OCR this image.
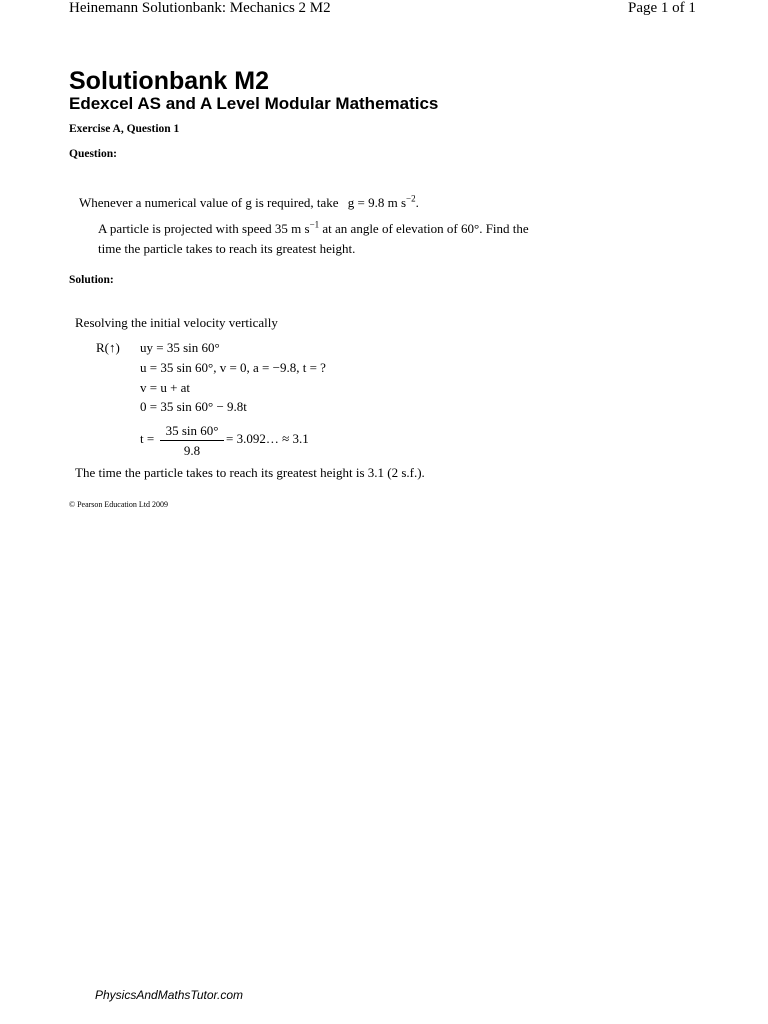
Heinemann Solutionbank: Mechanics 2 M2	Page 1 of 1
Solutionbank M2
Edexcel AS and A Level Modular Mathematics
Exercise A, Question 1
Question:
Whenever a numerical value of g is required, take g = 9.8 m $s^{-2}$.
A particle is projected with speed 35 m $s^{-1}$ at an angle of elevation of 60°. Find the
time the particle takes to reach its greatest height.
Solution:
Resolving the initial velocity vertically
R(↑) uy = 35 sin 60°
u = 35 sin 60°, v = 0, a = −9.8, t = ?
v = u + at
0 = 35 sin 60° − 9.8t
t =
35 sin 60°
9.8
= 3.092… ≈ 3.1
The time the particle takes to reach its greatest height is 3.1 (2 s.f.).
© Pearson Education Ltd 2009
PhysicsAndMathsTutor.com
